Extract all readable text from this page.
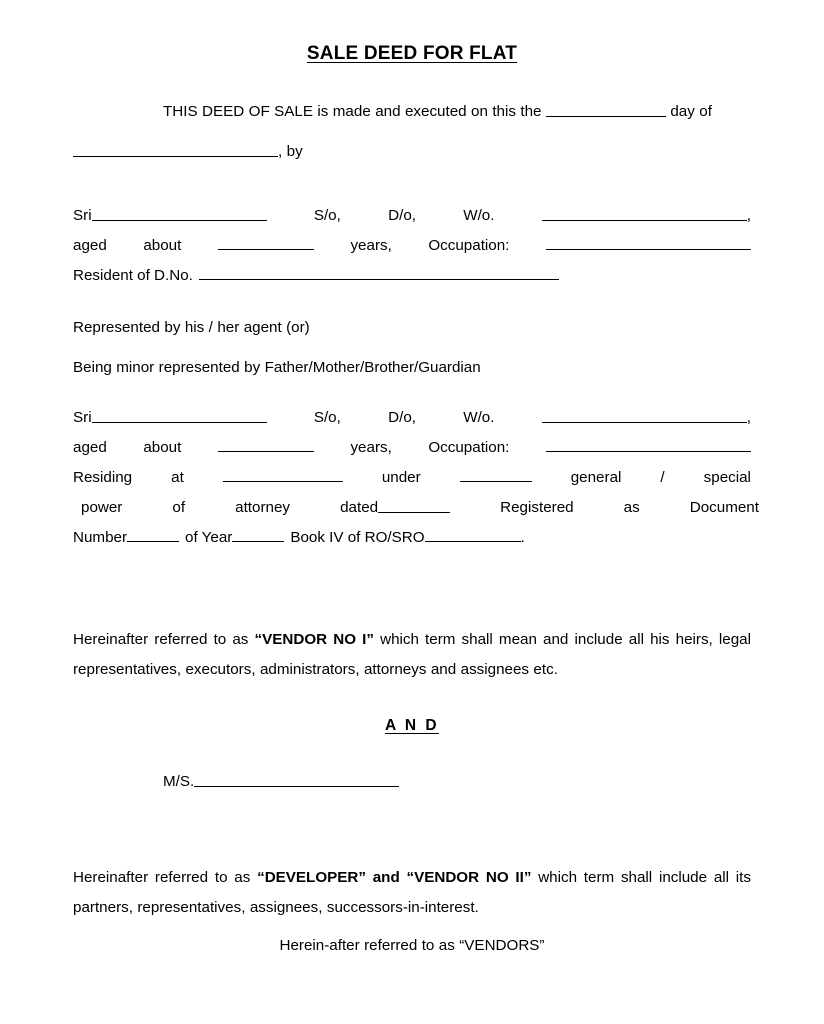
SALE DEED FOR FLAT

THIS DEED OF SALE is made and executed on this the	day of

, by

Sri	S/o,	D/o,	W/o.	,
aged about	years, Occupation:
Resident of D.No.

Represented by his / her agent (or)

Being minor represented by Father/Mother/Brother/Guardian

Sri	S/o,	D/o,	W/o.	,
aged about	years, Occupation:
Residing	at	under	general	/	special
power	of	attorney	dated	Registered	as	Document
Number	of Year	Book IV of RO/SRO	.

Hereinafter referred to as “VENDOR NO I” which term shall mean and include all his heirs, legal representatives, executors, administrators, attorneys and assignees etc.

A N D

M/S.

Hereinafter referred to as “DEVELOPER” and “VENDOR NO II” which term shall include all its partners, representatives, assignees, successors-in-interest.

Herein-after referred to as “VENDORS”
